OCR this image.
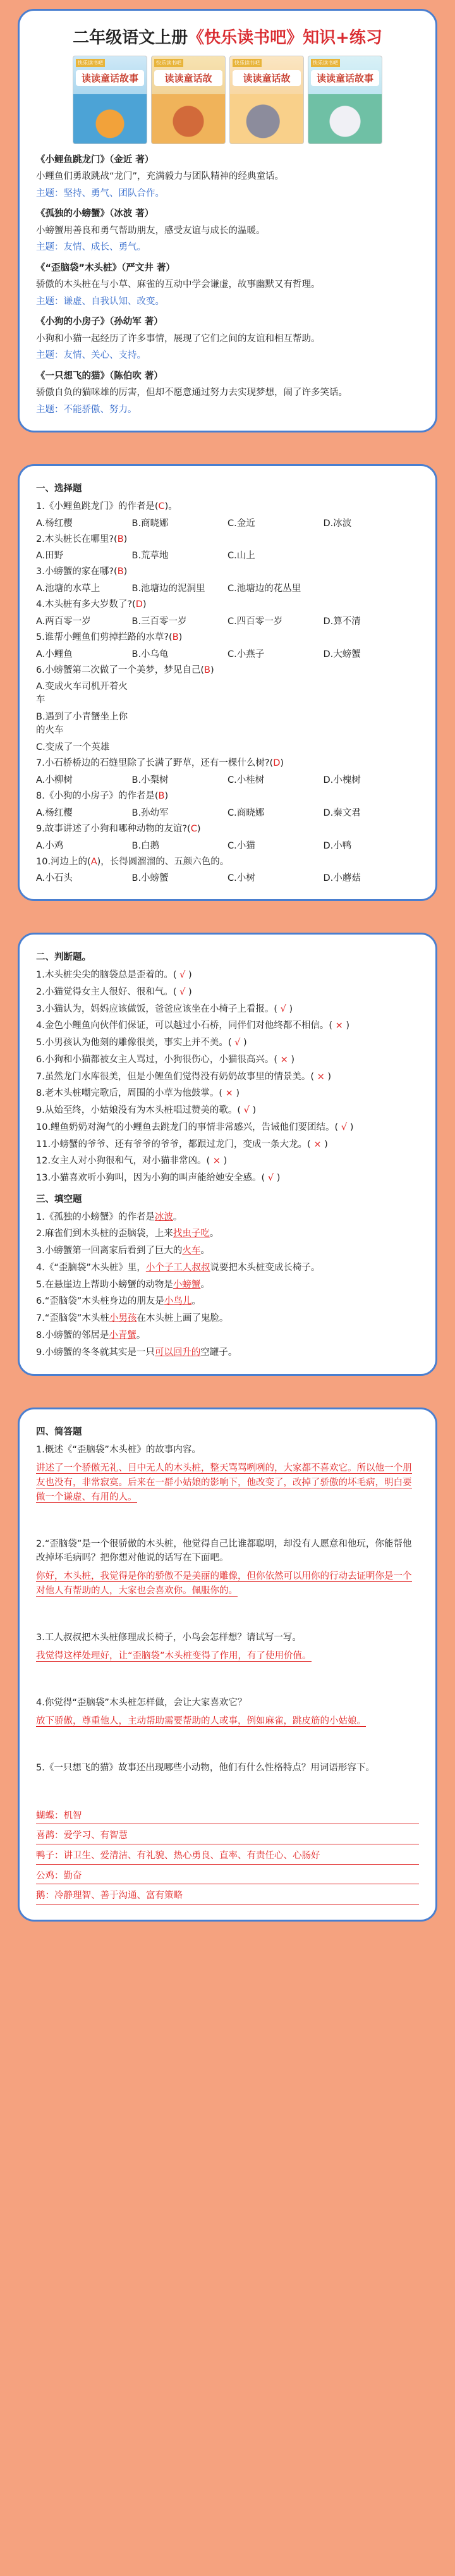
二年级语文上册《快乐读书吧》知识+练习
快乐读书吧
读读童话故事
快乐读书吧
读读童话故
快乐读书吧
读读童话故
快乐读书吧
读读童话故事

《小鲤鱼跳龙门》（金近 著）

小鲤鱼们勇敢跳战“龙门”，充满毅力与团队精神的经典童话。

主题：坚持、勇气、团队合作。

《孤独的小螃蟹》（冰波 著）

小螃蟹用善良和勇气帮助朋友，感受友谊与成长的温暖。

主题：友情、成长、勇气。

《“歪脑袋”木头桩》（严文井 著）

骄傲的木头桩在与小草、麻雀的互动中学会谦虚，故事幽默又有哲理。

主题：谦虚、自我认知、改变。

《小狗的小房子》（孙幼军 著）

小狗和小猫一起经历了许多事情，展现了它们之间的友谊和相互帮助。

主题：友情、关心、支持。

《一只想飞的猫》（陈伯吹 著）

骄傲自负的猫咪雄的厉害，但却不愿意通过努力去实现梦想，闹了许多笑话。

主题：不能骄傲、努力。

一、选择题

1.《小鲤鱼跳龙门》的作者是(C)。

A.杨红樱	B.商晓娜	C.金近	D.冰波

2.木头桩长在哪里?(B)

A.田野	B.荒草地	C.山上

3.小螃蟹的家在哪?(B)

A.池塘的水草上	B.池塘边的泥洞里	C.池塘边的花丛里

4.木头桩有多大岁数了?(D)

A.两百零一岁	B.三百零一岁	C.四百零一岁	D.算不清

5.谁帮小鲤鱼们剪掉拦路的水草?(B)

A.小鲤鱼	B.小乌龟	C.小燕子	D.大螃蟹

6.小螃蟹第二次做了一个美梦，梦见自己(B)

A.变成火车司机开着火车
B.遇到了小青蟹坐上你的火车
C.变成了一个英雄

7.小石桥桥边的石缝里除了长满了野草，还有一棵什么树?(D)

A.小柳树	B.小梨树	C.小桂树	D.小槐树

8.《小狗的小房子》的作者是(B)

A.杨红樱	B.孙幼军	C.商晓娜	D.秦文君

9.故事讲述了小狗和哪种动物的友谊?(C)

A.小鸡	B.白鹅	C.小猫	D.小鸭

10.河边上的(A)，长得圆溜溜的、五颜六色的。

A.小石头	B.小螃蟹	C.小树	D.小蘑菇

二、判断题。

1.木头桩尖尖的脑袋总是歪着的。( √ )

2.小猫觉得女主人很好、很和气。( √ )

3.小猫认为，妈妈应该做饭，爸爸应该坐在小椅子上看报。( √ )

4.金色小鲤鱼向伙伴们保证，可以越过小石桥，同伴们对他终都不相信。( × )

5.小男孩认为他刻的雕像很美，事实上并不美。( √ )

6.小狗和小猫都被女主人骂过，小狗很伤心，小猫很高兴。( × )

7.虽然龙门水库很美，但是小鲤鱼们觉得没有奶奶故事里的情景美。( × )

8.老木头桩嘲完歌后，周围的小草为他鼓掌。( × )

9.从始至终，小姑娘没有为木头桩唱过赞美的歌。( √ )

10.鲤鱼奶奶对淘气的小鲤鱼去跳龙门的事情非常感兴，告诫他们要团结。( √ )

11.小螃蟹的爷爷、还有爷爷的爷爷，都跟过龙门，变成一条大龙。( × )

12.女主人对小狗很和气，对小猫非常凶。( × )

13.小猫喜欢听小狗叫，因为小狗的叫声能给她安全感。( √ )

三、填空题

1.《孤独的小螃蟹》的作者是冰波。

2.麻雀们到木头桩的歪脑袋，上来找虫子吃。

3.小螃蟹第一回离家后看到了巨大的火车。

4.《“歪脑袋”木头桩》里，小个子工人叔叔说要把木头桩变成长椅子。

5.在悬崖边上帮助小螃蟹的动物是小螃蟹。

6.“歪脑袋”木头桩身边的朋友是小鸟儿。

7.“歪脑袋”木头桩小男孩在木头桩上画了鬼脸。

8.小螃蟹的邻居是小青蟹。

9.小螃蟹的冬冬就其实是一只可以回升的空罐子。

四、简答题

1.概述《“歪脑袋”木头桩》的故事内容。

讲述了一个骄傲无礼、目中无人的木头桩，整天骂骂咧咧的，大家都不喜欢它。所以他一个朋友也没有，非常寂寞。后来在一群小姑娘的影响下，他改变了，改掉了骄傲的坏毛病，明白要做一个谦虚、有用的人。

2.“歪脑袋”是一个很骄傲的木头桩，他觉得自己比谁都聪明，却没有人愿意和他玩，你能帮他改掉坏毛病吗？把你想对他说的话写在下面吧。

你好，木头桩，我觉得是你的骄傲不是美丽的雕像，但你依然可以用你的行动去证明你是一个对他人有帮助的人，大家也会喜欢你。佩服你的。

3.工人叔叔把木头桩修理成长椅子，小鸟会怎样想？请试写一写。

我觉得这样处理好，让“歪脑袋”木头桩变得了作用，有了使用价值。

4.你觉得“歪脑袋”木头桩怎样做，会让大家喜欢它？

放下骄傲，尊重他人，主动帮助需要帮助的人或事，例如麻雀，跳皮筋的小姑娘。

5.《一只想飞的猫》故事还出现哪些小动物，他们有什么性格特点？用词语形容下。

蝴蝶：机智

喜鹊：爱学习、有智慧

鸭子：讲卫生、爱清洁、有礼貌、热心勇良、直率、有责任心、心肠好

公鸡：勤奋

鹅：冷静理智、善于沟通、富有策略
